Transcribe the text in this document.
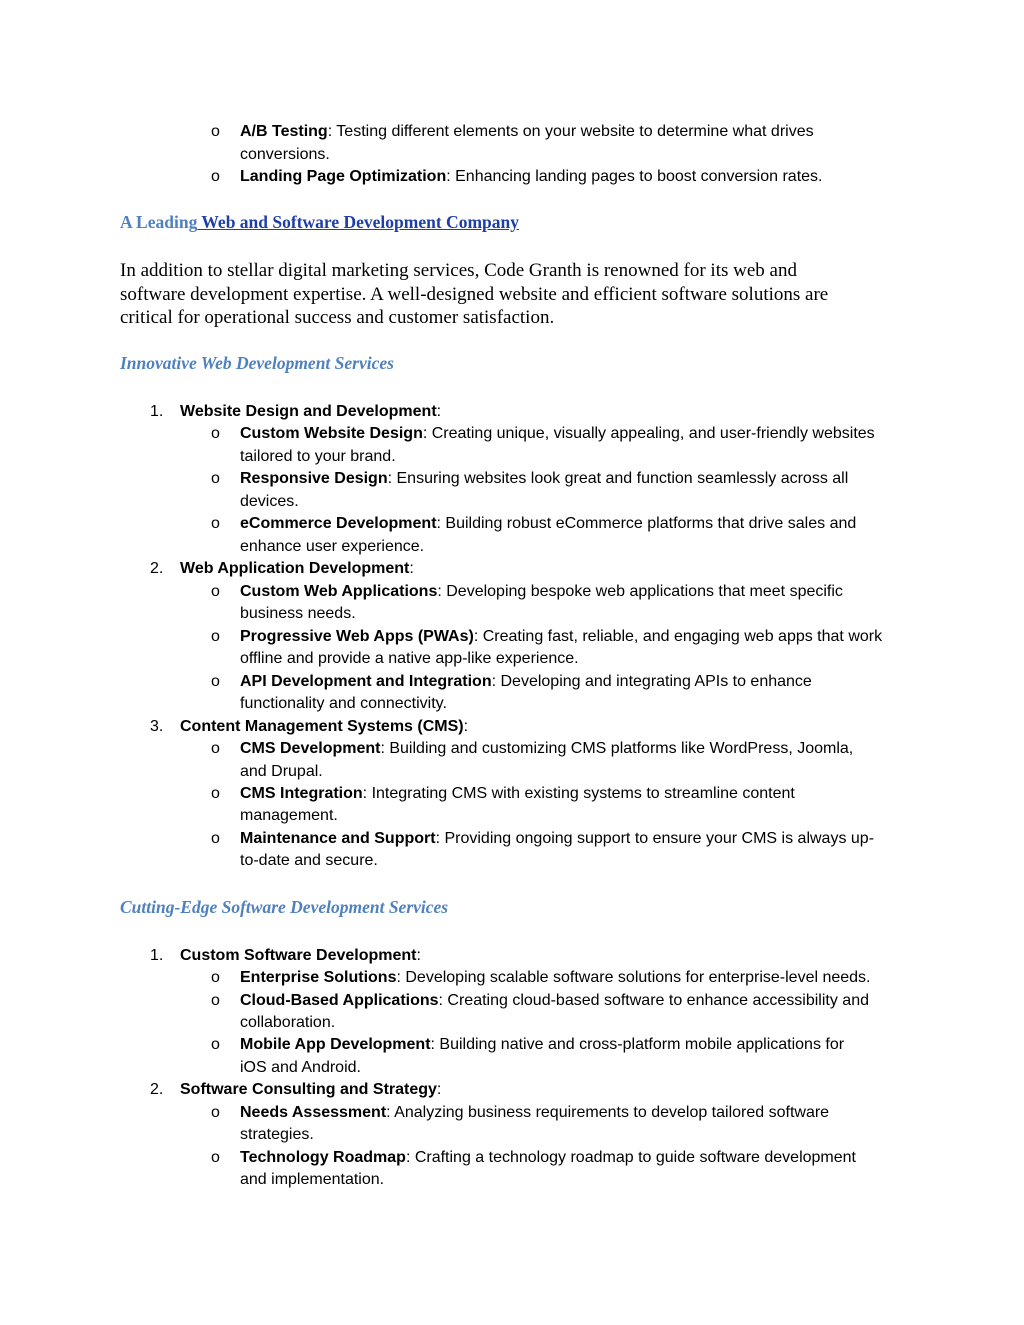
o A/B Testing: Testing different elements on your website to determine what drives
conversions.
o Landing Page Optimization: Enhancing landing pages to boost conversion rates.
A Leading Web and Software Development Company
In addition to stellar digital marketing services, Code Granth is renowned for its web and
software development expertise. A well-designed website and efficient software solutions are
critical for operational success and customer satisfaction.
Innovative Web Development Services
1. Website Design and Development:
o Custom Website Design: Creating unique, visually appealing, and user-friendly websites
tailored to your brand.
o Responsive Design: Ensuring websites look great and function seamlessly across all
devices.
o eCommerce Development: Building robust eCommerce platforms that drive sales and
enhance user experience.
2. Web Application Development:
o Custom Web Applications: Developing bespoke web applications that meet specific
business needs.
o Progressive Web Apps (PWAs): Creating fast, reliable, and engaging web apps that work
offline and provide a native app-like experience.
o API Development and Integration: Developing and integrating APIs to enhance
functionality and connectivity.
3. Content Management Systems (CMS):
o CMS Development: Building and customizing CMS platforms like WordPress, Joomla,
and Drupal.
o CMS Integration: Integrating CMS with existing systems to streamline content
management.
o Maintenance and Support: Providing ongoing support to ensure your CMS is always up-
to-date and secure.
Cutting-Edge Software Development Services
1. Custom Software Development:
o Enterprise Solutions: Developing scalable software solutions for enterprise-level needs.
o Cloud-Based Applications: Creating cloud-based software to enhance accessibility and
collaboration.
o Mobile App Development: Building native and cross-platform mobile applications for
iOS and Android.
2. Software Consulting and Strategy:
o Needs Assessment: Analyzing business requirements to develop tailored software
strategies.
o Technology Roadmap: Crafting a technology roadmap to guide software development
and implementation.
